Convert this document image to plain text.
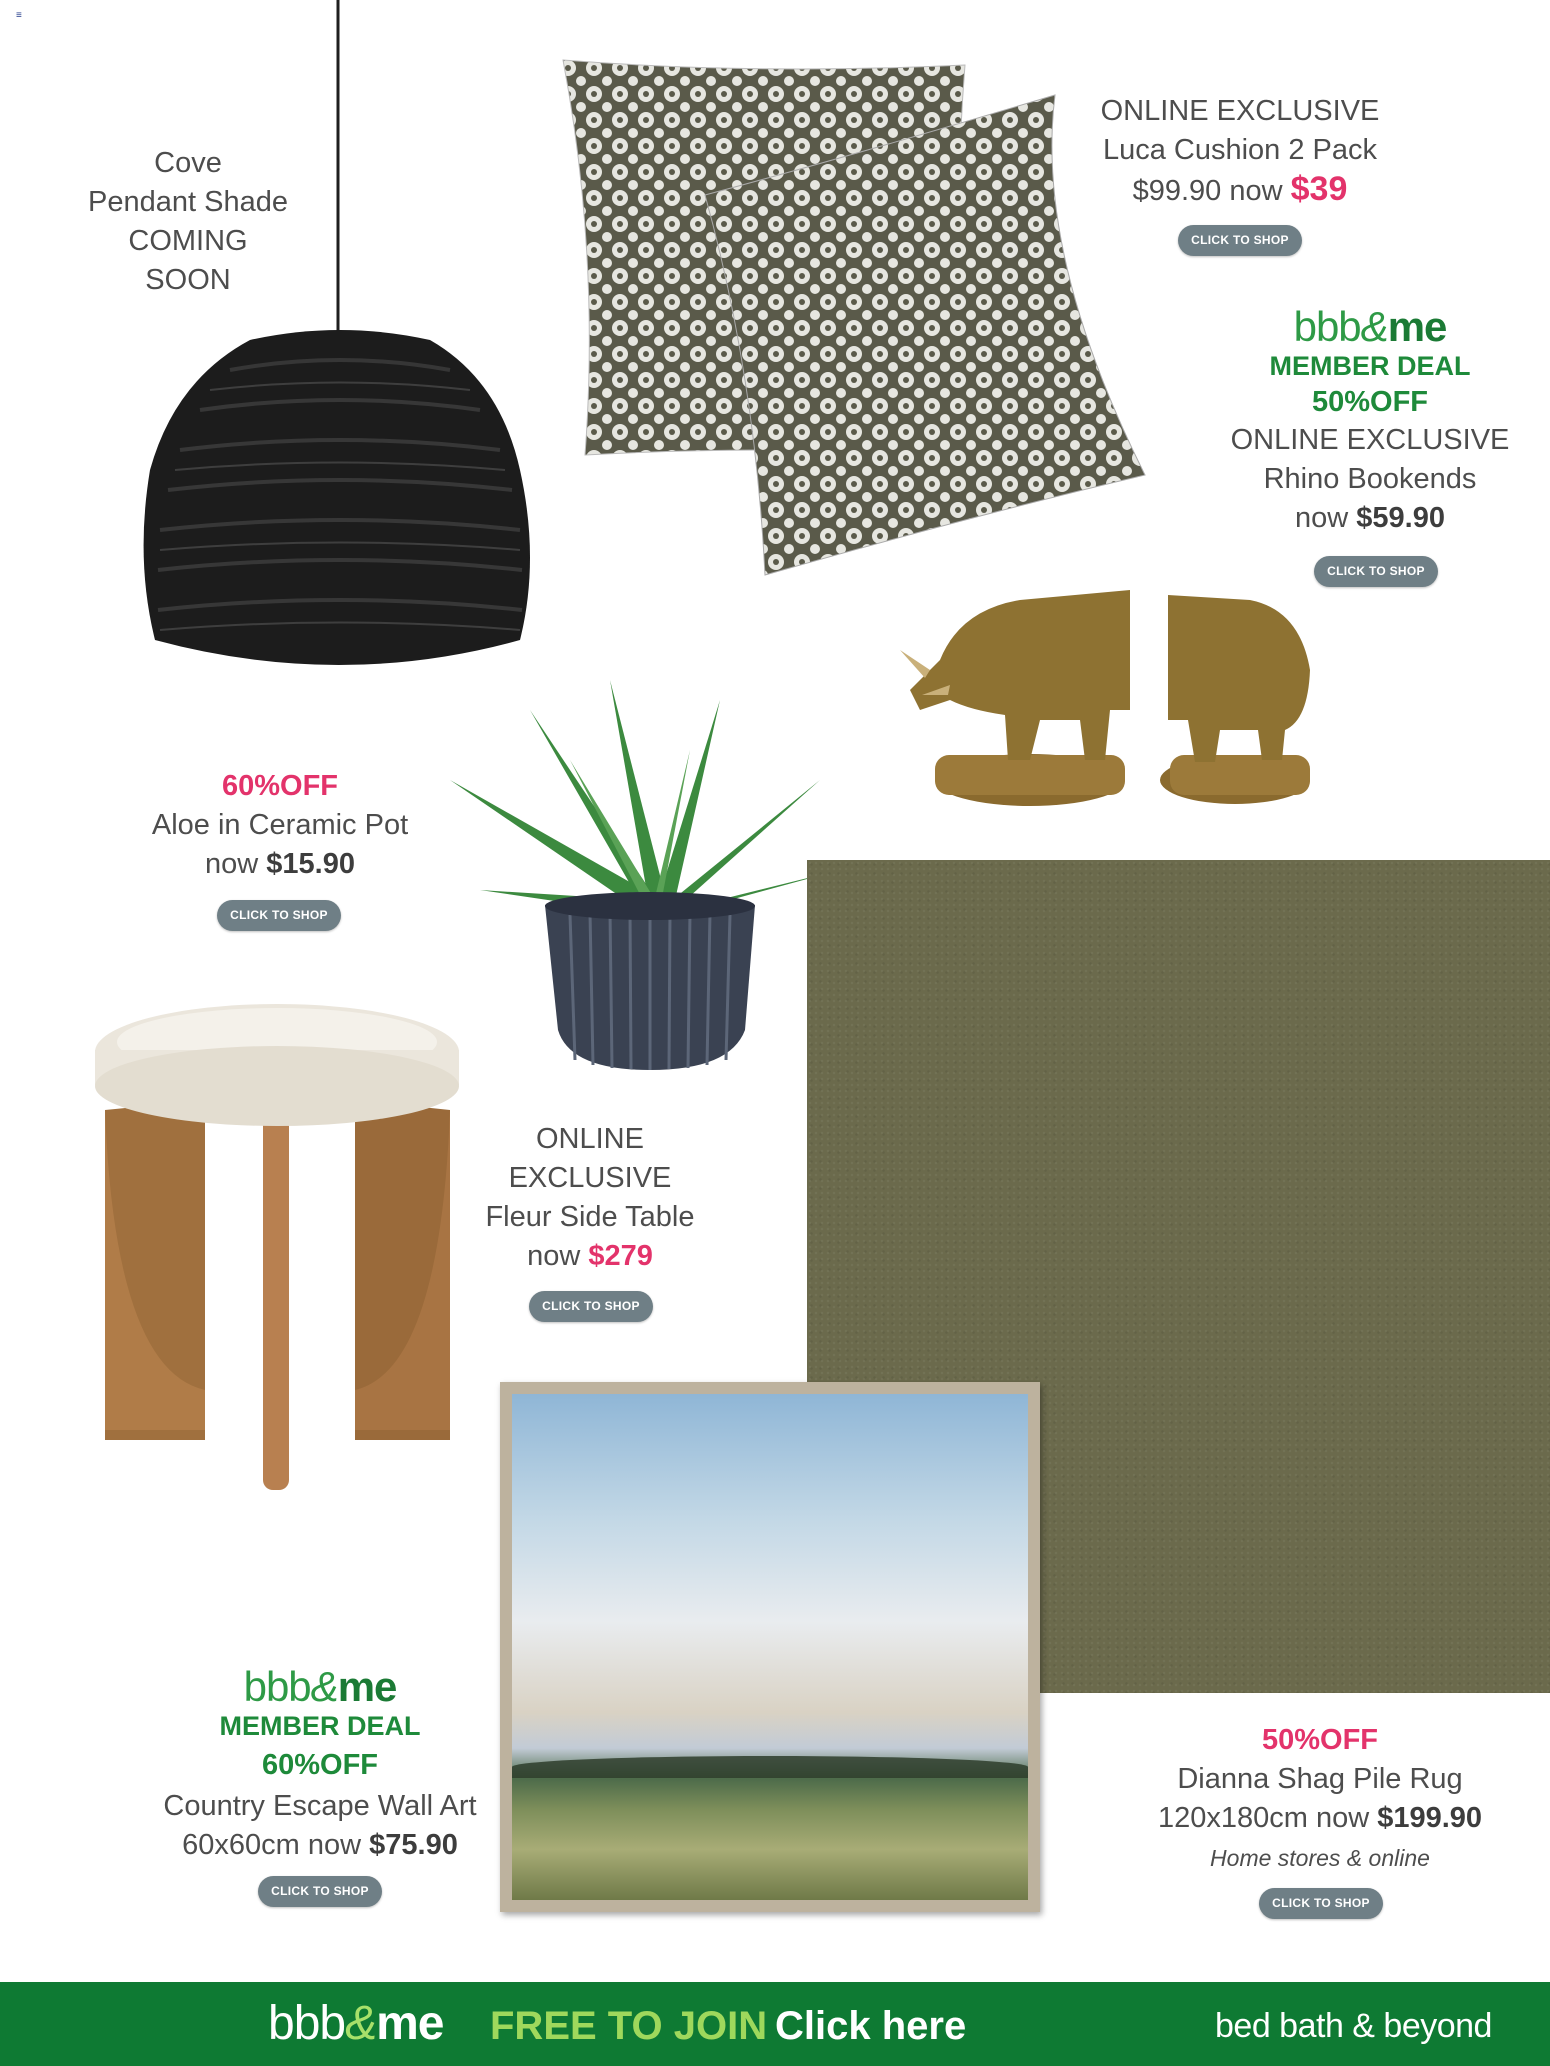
≡
Cove
Pendant Shade
COMING
SOON
ONLINE EXCLUSIVE
Luca Cushion 2 Pack
$99.90 now $39
CLICK TO SHOP
bbb&me
MEMBER DEAL
50%OFF
ONLINE EXCLUSIVE
Rhino Bookends
now $59.90
CLICK TO SHOP
60%OFF
Aloe in Ceramic Pot
now $15.90
CLICK TO SHOP
ONLINE
EXCLUSIVE
Fleur Side Table
now $279
CLICK TO SHOP
bbb&me
MEMBER DEAL
60%OFF
Country Escape Wall Art
60x60cm now $75.90
CLICK TO SHOP
50%OFF
Dianna Shag Pile Rug
120x180cm now $199.90
Home stores & online
CLICK TO SHOP
bbb&me FREE TO JOIN Click here	bed bath & beyond
